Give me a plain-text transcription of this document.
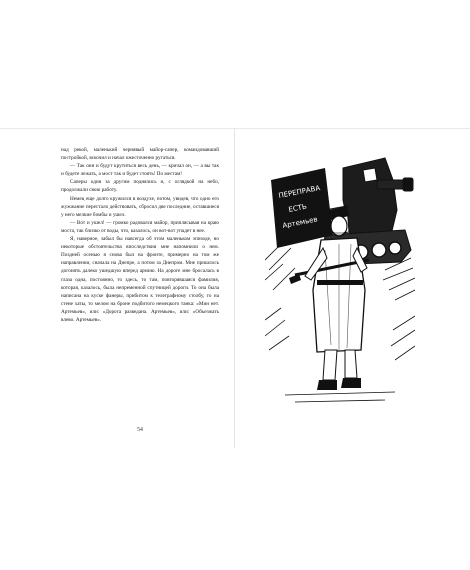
над рекой, маленький чернявый майор-сапер, командовавший постройкой, вскочил и начал ожесточенно ругаться.

— Так они и будут крутиться весь день, — кричал он, — а вы так и будете лежать, а мост так и будет стоять! По местам!

Саперы один за другим поднялись и, с оглядкой на небо, продолжали свою работу.

Немец еще долго кружился в воздухе, потом, увидев, что одно его жужжание перестало действовать, сбросил две последние, оставшиеся у него мелкие бомбы и ушел.

— Вот и ушел! — громко радовался майор, приплясывая на краю моста, так близко от воды, что, казалось, он вот-вот упадет в нее.

Я, наверное, забыл бы навсегда об этом маленьком эпизоде, но некоторые обстоятельства впоследствии мне напомнили о нем. Поздней осенью я снова был на фронте, примерно на том же направлении, сначала на Днепре, а потом за Днепром. Мне пришлось догонять далеко ушедшую вперед армию. На дороге мне бросалась в глаза одна, постоянно, то здесь, то там, повторявшаяся фамилия, которая, казалось, была непременной спутницей дороги. То она была написана на куске фанеры, прибитом к телеграфному столбу, то на стене хаты, то мелом на броне подбитого немецкого танка: «Мин нет. Артемьев», или: «Дорога разведана. Артемьев», или: «Объезжать влево. Артемьев».

54
ПЕРЕПРАВА
ЕСТЬ
Артемьев
